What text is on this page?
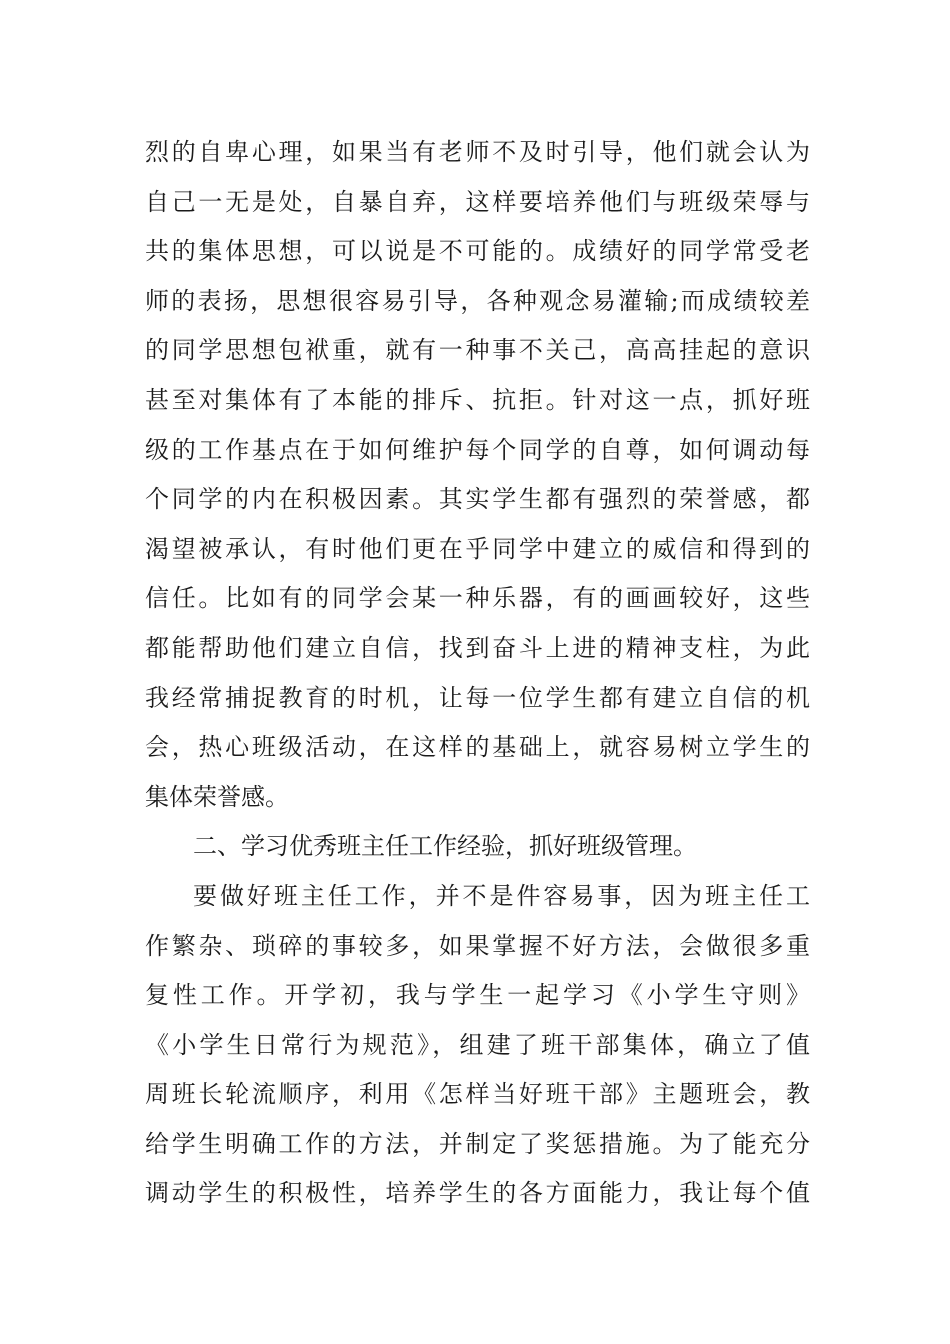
烈的自卑心理，如果当有老师不及时引导，他们就会认为
自己一无是处，自暴自弃，这样要培养他们与班级荣辱与
共的集体思想，可以说是不可能的。成绩好的同学常受老
师的表扬，思想很容易引导，各种观念易灌输;而成绩较差
的同学思想包袱重，就有一种事不关己，高高挂起的意识
甚至对集体有了本能的排斥、抗拒。针对这一点，抓好班
级的工作基点在于如何维护每个同学的自尊，如何调动每
个同学的内在积极因素。其实学生都有强烈的荣誉感，都
渴望被承认，有时他们更在乎同学中建立的威信和得到的
信任。比如有的同学会某一种乐器，有的画画较好，这些
都能帮助他们建立自信，找到奋斗上进的精神支柱，为此
我经常捕捉教育的时机，让每一位学生都有建立自信的机
会，热心班级活动，在这样的基础上，就容易树立学生的
集体荣誉感。
二、学习优秀班主任工作经验，抓好班级管理。
要做好班主任工作，并不是件容易事，因为班主任工
作繁杂、琐碎的事较多，如果掌握不好方法，会做很多重
复性工作。开学初，我与学生一起学习《小学生守则》
《小学生日常行为规范》，组建了班干部集体，确立了值
周班长轮流顺序，利用《怎样当好班干部》主题班会，教
给学生明确工作的方法，并制定了奖惩措施。为了能充分
调动学生的积极性，培养学生的各方面能力，我让每个值
